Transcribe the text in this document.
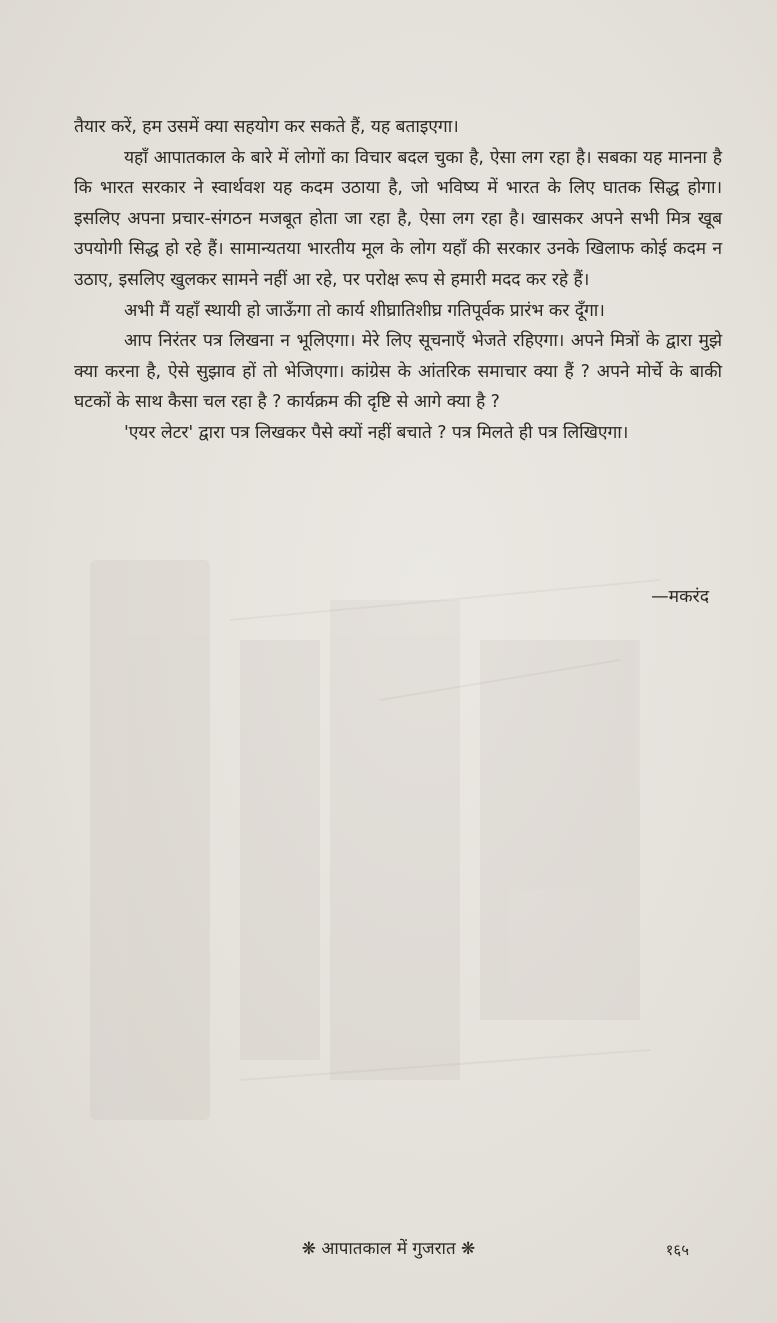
तैयार करें, हम उसमें क्या सहयोग कर सकते हैं, यह बताइएगा।

यहाँ आपातकाल के बारे में लोगों का विचार बदल चुका है, ऐसा लग रहा है। सबका यह मानना है कि भारत सरकार ने स्वार्थवश यह कदम उठाया है, जो भविष्य में भारत के लिए घातक सिद्ध होगा। इसलिए अपना प्रचार-संगठन मजबूत होता जा रहा है, ऐसा लग रहा है। खासकर अपने सभी मित्र खूब उपयोगी सिद्ध हो रहे हैं। सामान्यतया भारतीय मूल के लोग यहाँ की सरकार उनके खिलाफ कोई कदम न उठाए, इसलिए खुलकर सामने नहीं आ रहे, पर परोक्ष रूप से हमारी मदद कर रहे हैं।

अभी मैं यहाँ स्थायी हो जाऊँगा तो कार्य शीघ्रातिशीघ्र गतिपूर्वक प्रारंभ कर दूँगा।

आप निरंतर पत्र लिखना न भूलिएगा। मेरे लिए सूचनाएँ भेजते रहिएगा। अपने मित्रों के द्वारा मुझे क्या करना है, ऐसे सुझाव हों तो भेजिएगा। कांग्रेस के आंतरिक समाचार क्या हैं ? अपने मोर्चे के बाकी घटकों के साथ कैसा चल रहा है ? कार्यक्रम की दृष्टि से आगे क्या है ?

'एयर लेटर' द्वारा पत्र लिखकर पैसे क्यों नहीं बचाते ? पत्र मिलते ही पत्र लिखिएगा।

—मकरंद
❋ आपातकाल में गुजरात ❋	१६५
